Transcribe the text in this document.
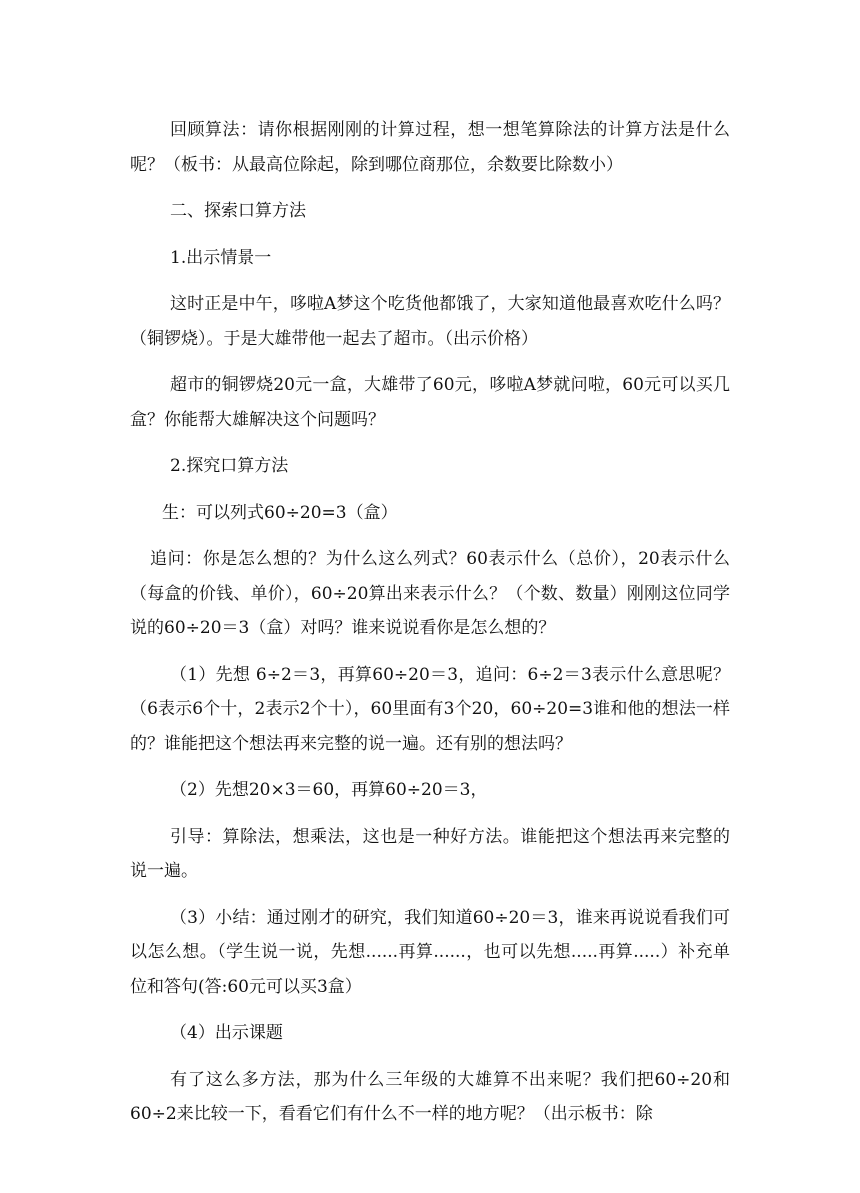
回顾算法：请你根据刚刚的计算过程，想一想笔算除法的计算方法是什么呢？（板书：从最高位除起，除到哪位商那位，余数要比除数小）

二、探索口算方法

1.出示情景一

这时正是中午，哆啦A梦这个吃货他都饿了，大家知道他最喜欢吃什么吗？（铜锣烧）。于是大雄带他一起去了超市。（出示价格）

超市的铜锣烧20元一盒，大雄带了60元，哆啦A梦就问啦，60元可以买几盒？你能帮大雄解决这个问题吗？

2.探究口算方法

生：可以列式60÷20=3（盒）

追问：你是怎么想的？为什么这么列式？60表示什么（总价），20表示什么（每盒的价钱、单价），60÷20算出来表示什么？（个数、数量）刚刚这位同学说的60÷20＝3（盒）对吗？谁来说说看你是怎么想的？

（1）先想 6÷2＝3，再算60÷20＝3，追问：6÷2＝3表示什么意思呢？（6表示6个十，2表示2个十），60里面有3个20，60÷20=3谁和他的想法一样的？谁能把这个想法再来完整的说一遍。还有别的想法吗？

（2）先想20×3＝60，再算60÷20＝3，

引导：算除法，想乘法，这也是一种好方法。谁能把这个想法再来完整的说一遍。

（3）小结：通过刚才的研究，我们知道60÷20＝3，谁来再说说看我们可以怎么想。（学生说一说，先想......再算......，也可以先想.....再算.....）补充单位和答句(答:60元可以买3盒）

（4）出示课题

有了这么多方法，那为什么三年级的大雄算不出来呢？我们把60÷20和60÷2来比较一下，看看它们有什么不一样的地方呢？（出示板书：除
